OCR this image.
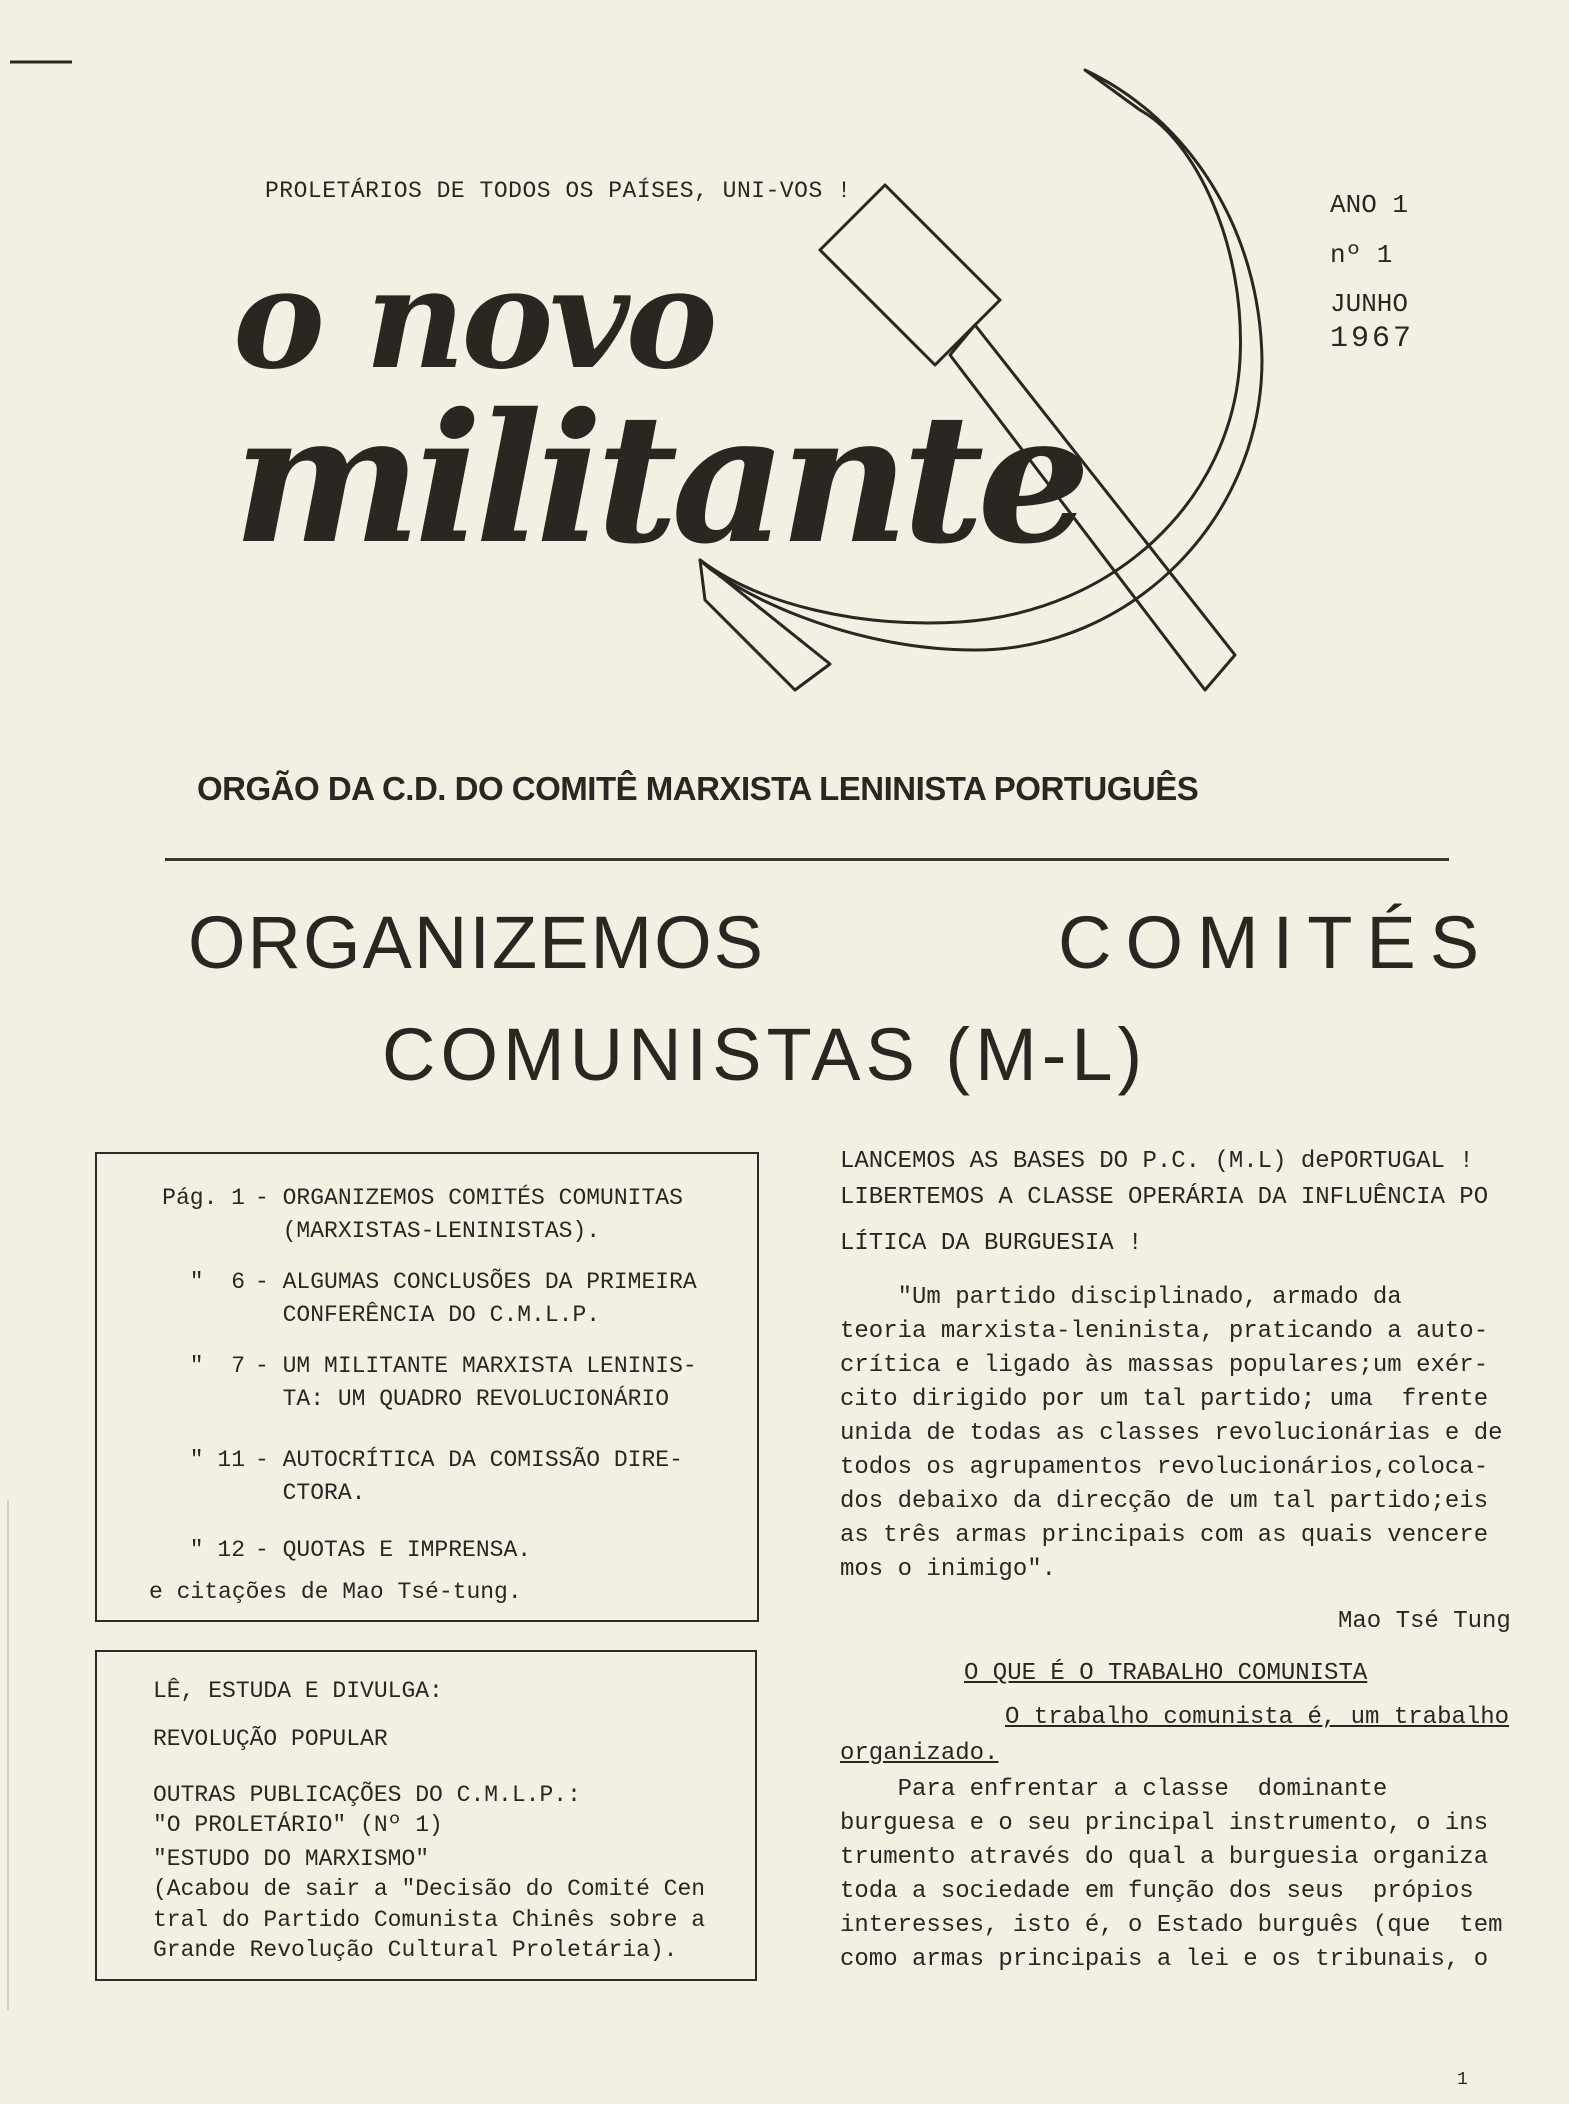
PROLETÁRIOS DE TODOS OS PAÍSES, UNI-VOS !	ANO 1
nº 1
JUNHO
1967
o novo
militante
ORGÃO DA C.D. DO COMITÊ MARXISTA LENINISTA PORTUGUÊS
ORGANIZEMOS	COMITÉS
COMUNISTAS (M-L)
Pág. 1 - ORGANIZEMOS COMITÉS COMUNITAS
(MARXISTAS-LENINISTAS).
"  6 - ALGUMAS CONCLUSÕES DA PRIMEIRA
CONFERÊNCIA DO C.M.L.P.
"  7 - UM MILITANTE MARXISTA LENINIS-
TA: UM QUADRO REVOLUCIONÁRIO
" 11 - AUTOCRÍTICA DA COMISSÃO DIRE-
CTORA.
" 12 - QUOTAS E IMPRENSA.
e citações de Mao Tsé-tung.

LÊ, ESTUDA E DIVULGA:

REVOLUÇÃO POPULAR

OUTRAS PUBLICAÇÕES DO C.M.L.P.:

"O PROLETÁRIO" (Nº 1)

"ESTUDO DO MARXISMO"

(Acabou de sair a "Decisão do Comité Cen

tral do Partido Comunista Chinês sobre a

Grande Revolução Cultural Proletária).

LANCEMOS AS BASES DO P.C. (M.L) dePORTUGAL !
LIBERTEMOS A CLASSE OPERÁRIA DA INFLUÊNCIA PO
LÍTICA DA BURGUESIA !
"Um partido disciplinado, armado da
teoria marxista-leninista, praticando a auto-
crítica e ligado às massas populares;um exér-
cito dirigido por um tal partido; uma  frente
unida de todas as classes revolucionárias e de
todos os agrupamentos revolucionários,coloca-
dos debaixo da direcção de um tal partido;eis
as três armas principais com as quais vencere
mos o inimigo".
Mao Tsé Tung
O QUE É O TRABALHO COMUNISTA
O trabalho comunista é, um trabalho
organizado.
Para enfrentar a classe  dominante
burguesa e o seu principal instrumento, o ins
trumento através do qual a burguesia organiza
toda a sociedade em função dos seus  própios
interesses, isto é, o Estado burguês (que  tem
como armas principais a lei e os tribunais, o
1
